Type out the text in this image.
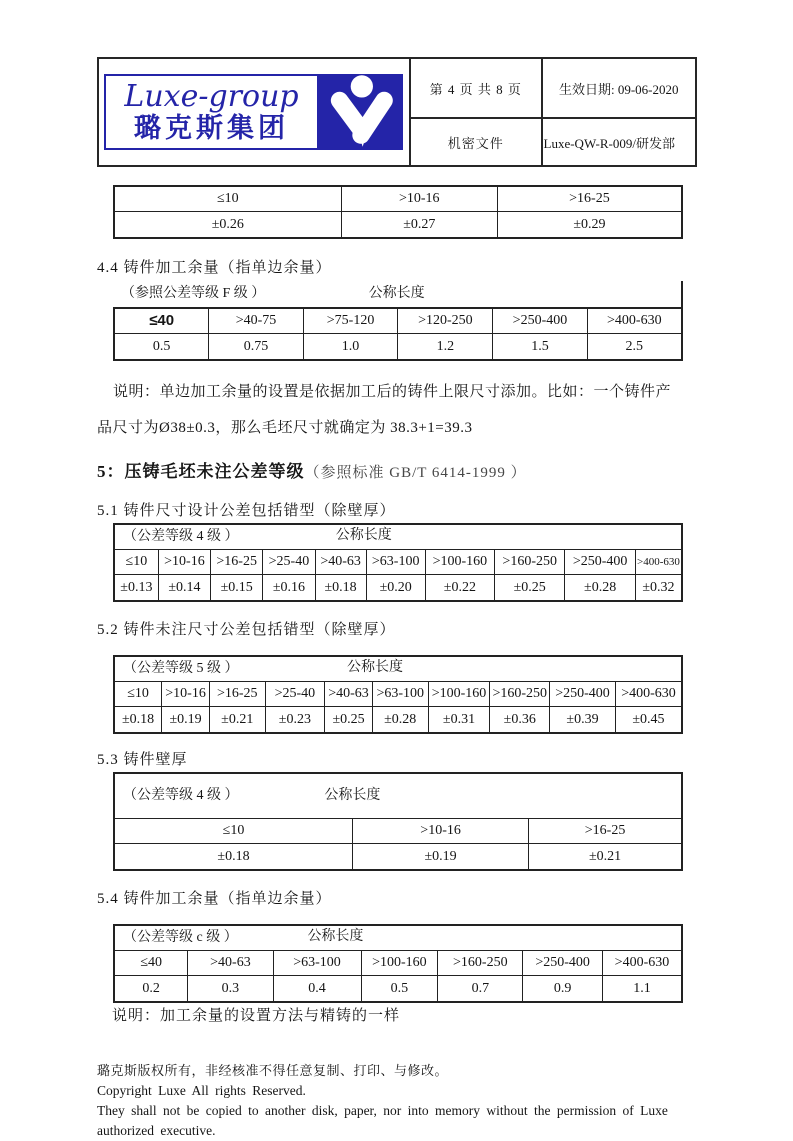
Luxe-group
璐克斯集团
第 4 页 共 8 页
机密文件
生效日期: 09-06-2020
Luxe-QW-R-009/研发部
≤10	>10-16	>16-25
±0.26	±0.27	±0.29
4.4 铸件加工余量（指单边余量）
（参照公差等级 F 级 ）	公称长度
≤40	>40-75	>75-120	>120-250	>250-400	>400-630
0.5	0.75	1.0	1.2	1.5	2.5
说明：单边加工余量的设置是依据加工后的铸件上限尺寸添加。比如：一个铸件产
品尺寸为Ø38±0.3，那么毛坯尺寸就确定为 38.3+1=39.3
5：压铸毛坯未注公差等级（参照标准 GB/T 6414-1999 ）
5.1 铸件尺寸设计公差包括错型（除壁厚）
（公差等级 4 级 ） 公称长度									

≤10	>10-16	>16-25	>25-40	>40-63	>63-100	>100-160	>160-250	>250-400	>400-630
±0.13	±0.14	±0.15	±0.16	±0.18	±0.20	±0.22	±0.25	±0.28	±0.32
5.2 铸件未注尺寸公差包括错型（除壁厚）
（公差等级 5 级 ） 公称长度									

≤10	>10-16	>16-25	>25-40	>40-63	>63-100	>100-160	>160-250	>250-400	>400-630
±0.18	±0.19	±0.21	±0.23	±0.25	±0.28	±0.31	±0.36	±0.39	±0.45
5.3 铸件壁厚
（公差等级 4 级 ） 公称长度		

≤10	>10-16	>16-25
±0.18	±0.19	±0.21
5.4 铸件加工余量（指单边余量）
（公差等级 c 级 ） 公称长度						

≤40	>40-63	>63-100	>100-160	>160-250	>250-400	>400-630
0.2	0.3	0.4	0.5	0.7	0.9	1.1
说明：加工余量的设置方法与精铸的一样
璐克斯版权所有，非经核准不得任意复制、打印、与修改。
Copyright Luxe All rights Reserved.
They shall not be copied to another disk, paper, nor into memory without the permission of Luxe
authorized executive.
